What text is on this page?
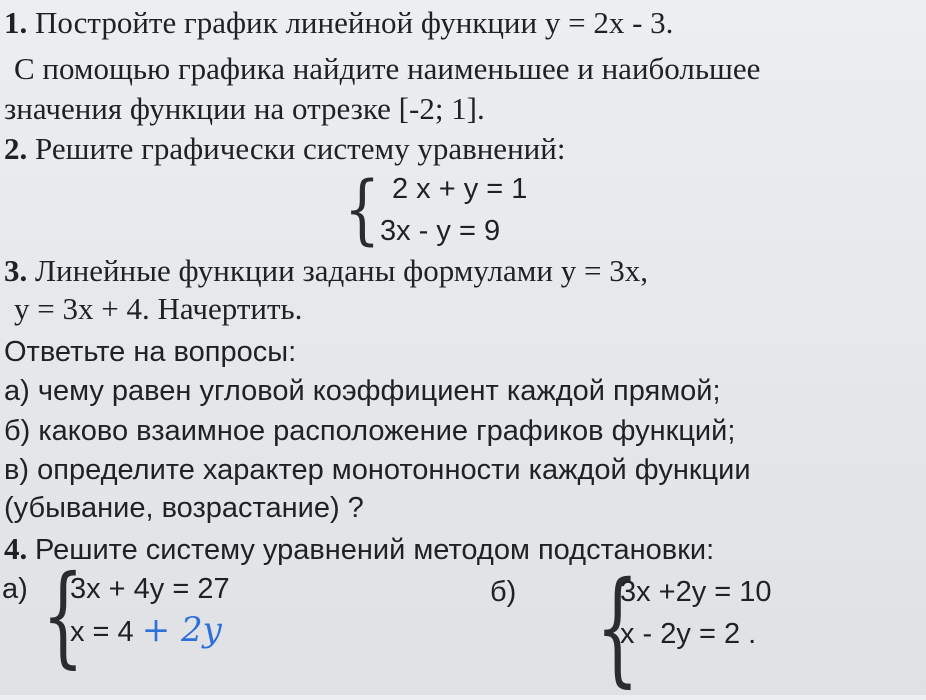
1. Постройте график линейной функции у = 2х - 3.
С помощью графика найдите наименьшее и наибольшее
значения функции на отрезке [-2; 1].
2. Решите графически систему уравнений:
{ 2 х + у = 1
3х - у = 9
3. Линейные функции заданы формулами у = 3х,
у = 3х + 4. Начертить.
Ответьте на вопросы:
а) чему равен угловой коэффициент каждой прямой;
б) каково взаимное расположение графиков функций;
в) определите характер монотонности каждой функции
(убывание, возрастание) ?
4. Решите систему уравнений методом подстановки:
а) {
3х + 4у = 27
х = 4 + 2y
б) {
3х +2у = 10
х - 2у = 2 .
